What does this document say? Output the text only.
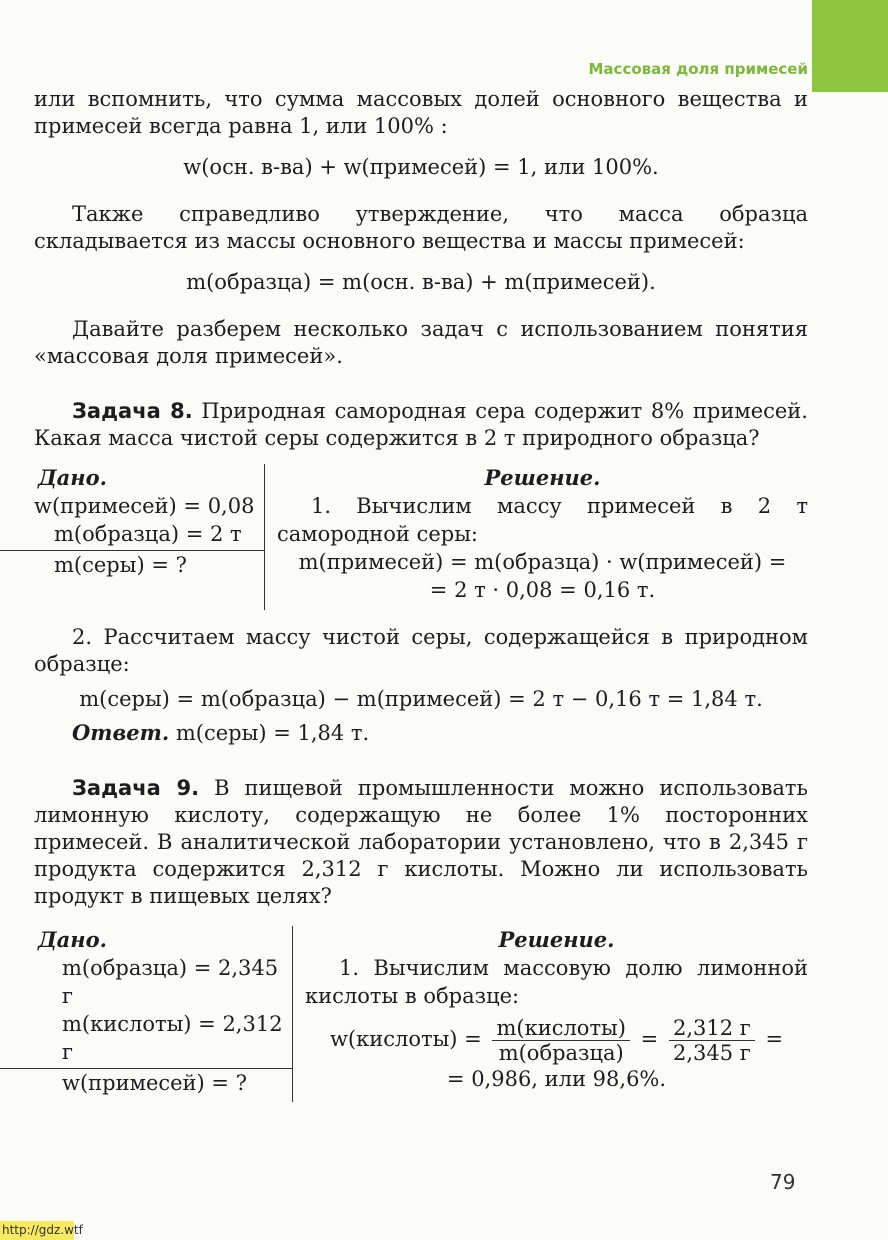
Массовая доля примесей

или вспомнить, что сумма массовых долей основного вещества и примесей всегда равна 1, или 100% :

w(осн. в-ва) + w(примесей) = 1, или 100%.

Также справедливо утверждение, что масса образца складывается из массы основного вещества и массы примесей:

m(образца) = m(осн. в-ва) + m(примесей).

Давайте разберем несколько задач с использованием понятия «массовая доля примесей».

Задача 8. Природная самородная сера содержит 8% примесей. Какая масса чистой серы содержится в 2 т природного образца?

Дано.
w(примесей) = 0,08
m(образца) = 2 т
m(серы) = ?
Решение.
1. Вычислим массу примесей в 2 т самородной серы:
m(примесей) = m(образца) · w(примесей) =
= 2 т · 0,08 = 0,16 т.

2. Рассчитаем массу чистой серы, содержащейся в природном образце:

m(серы) = m(образца) − m(примесей) = 2 т − 0,16 т = 1,84 т.

Ответ. m(серы) = 1,84 т.

Задача 9. В пищевой промышленности можно использовать лимонную кислоту, содержащую не более 1% посторонних примесей. В аналитической лаборатории установлено, что в 2,345 г продукта содержится 2,312 г кислоты. Можно ли использовать продукт в пищевых целях?

Дано.
m(образца) = 2,345 г
m(кислоты) = 2,312 г
w(примесей) = ?
Решение.
1. Вычислим массовую долю лимонной кислоты в образце:
w(кислоты) = $\frac{\text{m(кислоты)}}{\text{m(образца)}} = \frac{2,312 г}{2,345 г}$ =
= 0,986, или 98,6%.
79
http://gdz.wtf
